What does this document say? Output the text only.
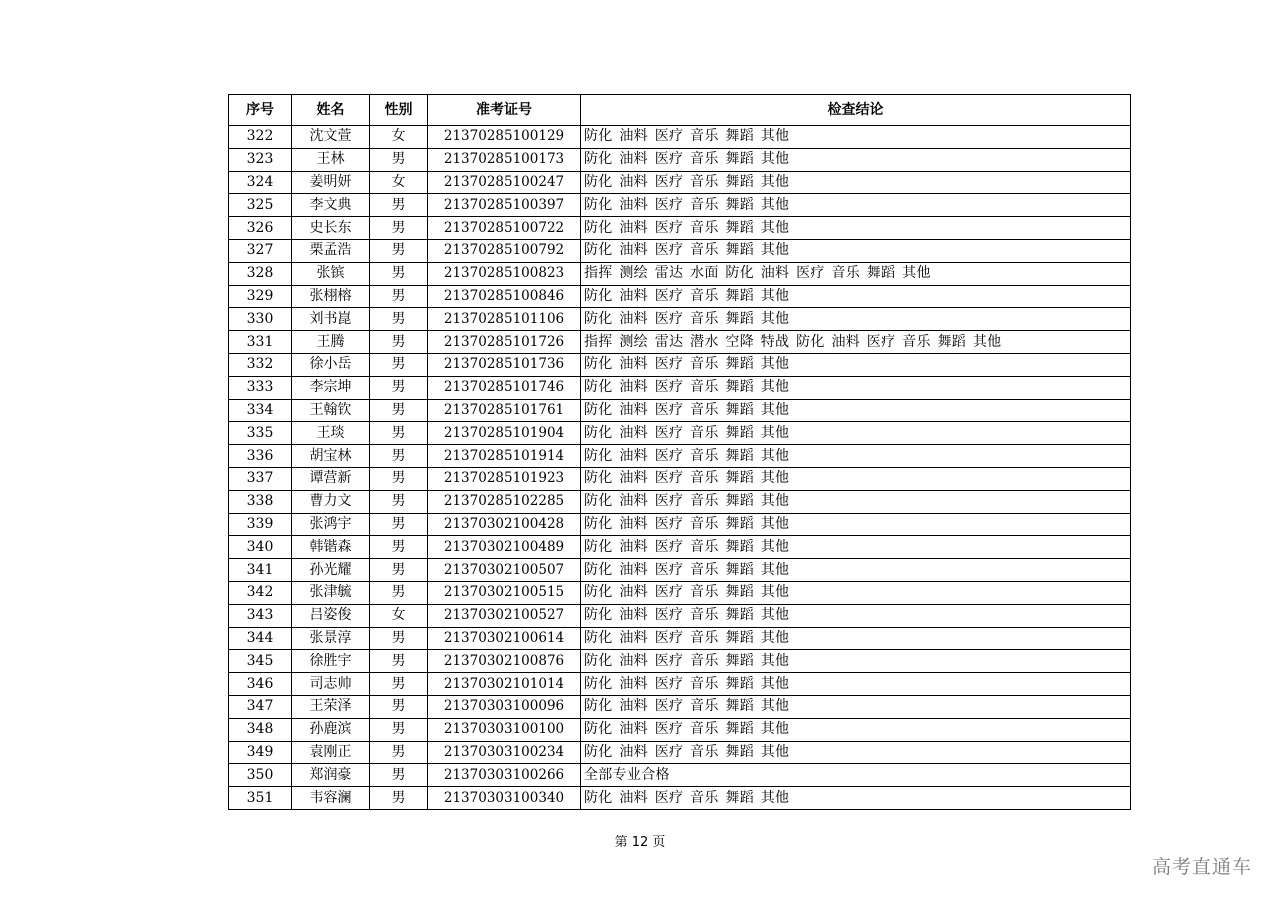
序号	姓名	性别	准考证号	检查结论
322	沈文萱	女	21370285100129	防化 油料 医疗 音乐 舞蹈 其他
323	王林	男	21370285100173	防化 油料 医疗 音乐 舞蹈 其他
324	姜明妍	女	21370285100247	防化 油料 医疗 音乐 舞蹈 其他
325	李文典	男	21370285100397	防化 油料 医疗 音乐 舞蹈 其他
326	史长东	男	21370285100722	防化 油料 医疗 音乐 舞蹈 其他
327	栗孟浩	男	21370285100792	防化 油料 医疗 音乐 舞蹈 其他
328	张镔	男	21370285100823	指挥 测绘 雷达 水面 防化 油料 医疗 音乐 舞蹈 其他
329	张栩榕	男	21370285100846	防化 油料 医疗 音乐 舞蹈 其他
330	刘书崑	男	21370285101106	防化 油料 医疗 音乐 舞蹈 其他
331	王腾	男	21370285101726	指挥 测绘 雷达 潜水 空降 特战 防化 油料 医疗 音乐 舞蹈 其他
332	徐小岳	男	21370285101736	防化 油料 医疗 音乐 舞蹈 其他
333	李宗坤	男	21370285101746	防化 油料 医疗 音乐 舞蹈 其他
334	王翰钦	男	21370285101761	防化 油料 医疗 音乐 舞蹈 其他
335	王琰	男	21370285101904	防化 油料 医疗 音乐 舞蹈 其他
336	胡宝林	男	21370285101914	防化 油料 医疗 音乐 舞蹈 其他
337	谭营新	男	21370285101923	防化 油料 医疗 音乐 舞蹈 其他
338	曹力文	男	21370285102285	防化 油料 医疗 音乐 舞蹈 其他
339	张鸿宇	男	21370302100428	防化 油料 医疗 音乐 舞蹈 其他
340	韩锴森	男	21370302100489	防化 油料 医疗 音乐 舞蹈 其他
341	孙光耀	男	21370302100507	防化 油料 医疗 音乐 舞蹈 其他
342	张津毓	男	21370302100515	防化 油料 医疗 音乐 舞蹈 其他
343	吕姿俊	女	21370302100527	防化 油料 医疗 音乐 舞蹈 其他
344	张景淳	男	21370302100614	防化 油料 医疗 音乐 舞蹈 其他
345	徐胜宇	男	21370302100876	防化 油料 医疗 音乐 舞蹈 其他
346	司志帅	男	21370302101014	防化 油料 医疗 音乐 舞蹈 其他
347	王荣泽	男	21370303100096	防化 油料 医疗 音乐 舞蹈 其他
348	孙鹿滨	男	21370303100100	防化 油料 医疗 音乐 舞蹈 其他
349	袁刚正	男	21370303100234	防化 油料 医疗 音乐 舞蹈 其他
350	郑润豪	男	21370303100266	全部专业合格
351	韦容澜	男	21370303100340	防化 油料 医疗 音乐 舞蹈 其他
第 12 页
高考直通车
